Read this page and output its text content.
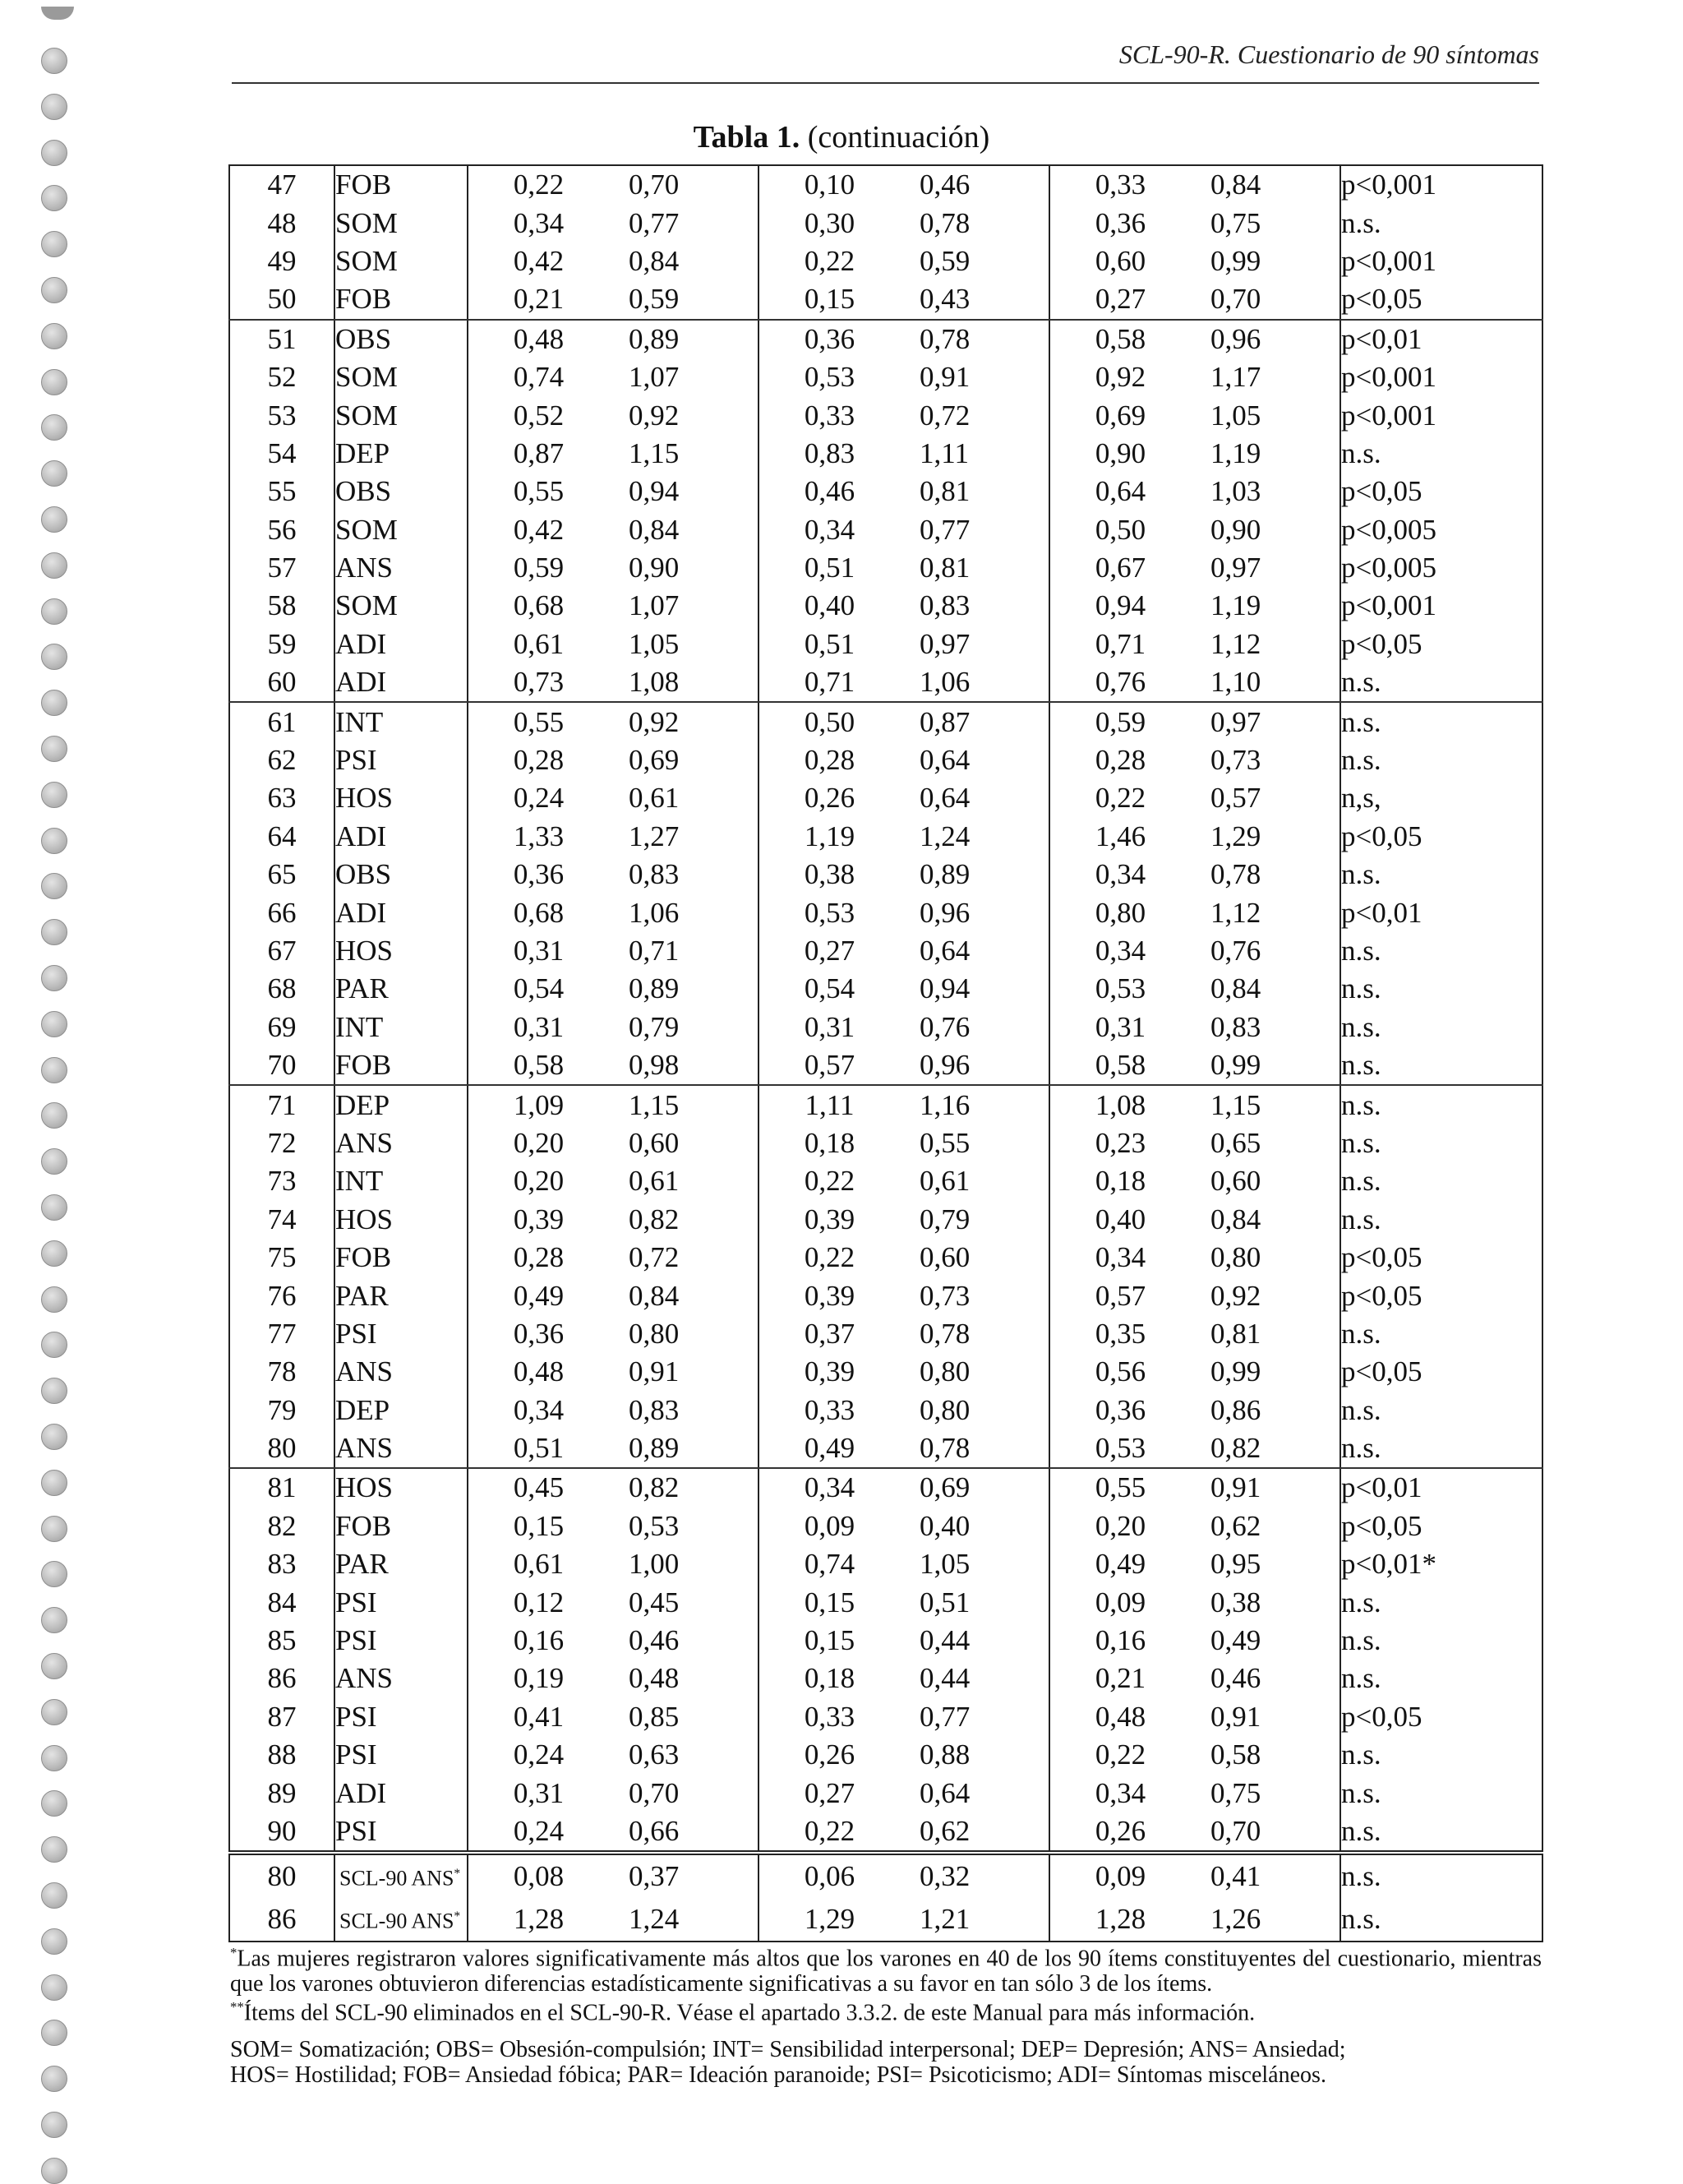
SCL-90-R. Cuestionario de 90 síntomas
Tabla 1. (continuación)
47	FOB	0,22	0,70	0,10	0,46	0,33	0,84	p<0,001
48	SOM	0,34	0,77	0,30	0,78	0,36	0,75	n.s.
49	SOM	0,42	0,84	0,22	0,59	0,60	0,99	p<0,001
50	FOB	0,21	0,59	0,15	0,43	0,27	0,70	p<0,05
51	OBS	0,48	0,89	0,36	0,78	0,58	0,96	p<0,01
52	SOM	0,74	1,07	0,53	0,91	0,92	1,17	p<0,001
53	SOM	0,52	0,92	0,33	0,72	0,69	1,05	p<0,001
54	DEP	0,87	1,15	0,83	1,11	0,90	1,19	n.s.
55	OBS	0,55	0,94	0,46	0,81	0,64	1,03	p<0,05
56	SOM	0,42	0,84	0,34	0,77	0,50	0,90	p<0,005
57	ANS	0,59	0,90	0,51	0,81	0,67	0,97	p<0,005
58	SOM	0,68	1,07	0,40	0,83	0,94	1,19	p<0,001
59	ADI	0,61	1,05	0,51	0,97	0,71	1,12	p<0,05
60	ADI	0,73	1,08	0,71	1,06	0,76	1,10	n.s.
61	INT	0,55	0,92	0,50	0,87	0,59	0,97	n.s.
62	PSI	0,28	0,69	0,28	0,64	0,28	0,73	n.s.
63	HOS	0,24	0,61	0,26	0,64	0,22	0,57	n,s,
64	ADI	1,33	1,27	1,19	1,24	1,46	1,29	p<0,05
65	OBS	0,36	0,83	0,38	0,89	0,34	0,78	n.s.
66	ADI	0,68	1,06	0,53	0,96	0,80	1,12	p<0,01
67	HOS	0,31	0,71	0,27	0,64	0,34	0,76	n.s.
68	PAR	0,54	0,89	0,54	0,94	0,53	0,84	n.s.
69	INT	0,31	0,79	0,31	0,76	0,31	0,83	n.s.
70	FOB	0,58	0,98	0,57	0,96	0,58	0,99	n.s.
71	DEP	1,09	1,15	1,11	1,16	1,08	1,15	n.s.
72	ANS	0,20	0,60	0,18	0,55	0,23	0,65	n.s.
73	INT	0,20	0,61	0,22	0,61	0,18	0,60	n.s.
74	HOS	0,39	0,82	0,39	0,79	0,40	0,84	n.s.
75	FOB	0,28	0,72	0,22	0,60	0,34	0,80	p<0,05
76	PAR	0,49	0,84	0,39	0,73	0,57	0,92	p<0,05
77	PSI	0,36	0,80	0,37	0,78	0,35	0,81	n.s.
78	ANS	0,48	0,91	0,39	0,80	0,56	0,99	p<0,05
79	DEP	0,34	0,83	0,33	0,80	0,36	0,86	n.s.
80	ANS	0,51	0,89	0,49	0,78	0,53	0,82	n.s.
81	HOS	0,45	0,82	0,34	0,69	0,55	0,91	p<0,01
82	FOB	0,15	0,53	0,09	0,40	0,20	0,62	p<0,05
83	PAR	0,61	1,00	0,74	1,05	0,49	0,95	p<0,01*
84	PSI	0,12	0,45	0,15	0,51	0,09	0,38	n.s.
85	PSI	0,16	0,46	0,15	0,44	0,16	0,49	n.s.
86	ANS	0,19	0,48	0,18	0,44	0,21	0,46	n.s.
87	PSI	0,41	0,85	0,33	0,77	0,48	0,91	p<0,05
88	PSI	0,24	0,63	0,26	0,88	0,22	0,58	n.s.
89	ADI	0,31	0,70	0,27	0,64	0,34	0,75	n.s.
90	PSI	0,24	0,66	0,22	0,62	0,26	0,70	n.s.
80	SCL-90 ANS*	0,08	0,37	0,06	0,32	0,09	0,41	n.s.
86	SCL-90 ANS*	1,28	1,24	1,29	1,21	1,28	1,26	n.s.
*Las mujeres registraron valores significativamente más altos que los varones en 40 de los 90 ítems constituyentes del cuestionario, mientras que los varones obtuvieron diferencias estadísticamente significativas a su favor en tan sólo 3 de los ítems.
**Ítems del SCL-90 eliminados en el SCL-90-R. Véase el apartado 3.3.2. de este Manual para más información.
SOM= Somatización; OBS= Obsesión-compulsión; INT= Sensibilidad interpersonal; DEP= Depresión; ANS= Ansiedad;
HOS= Hostilidad; FOB= Ansiedad fóbica; PAR= Ideación paranoide; PSI= Psicoticismo; ADI= Síntomas misceláneos.
